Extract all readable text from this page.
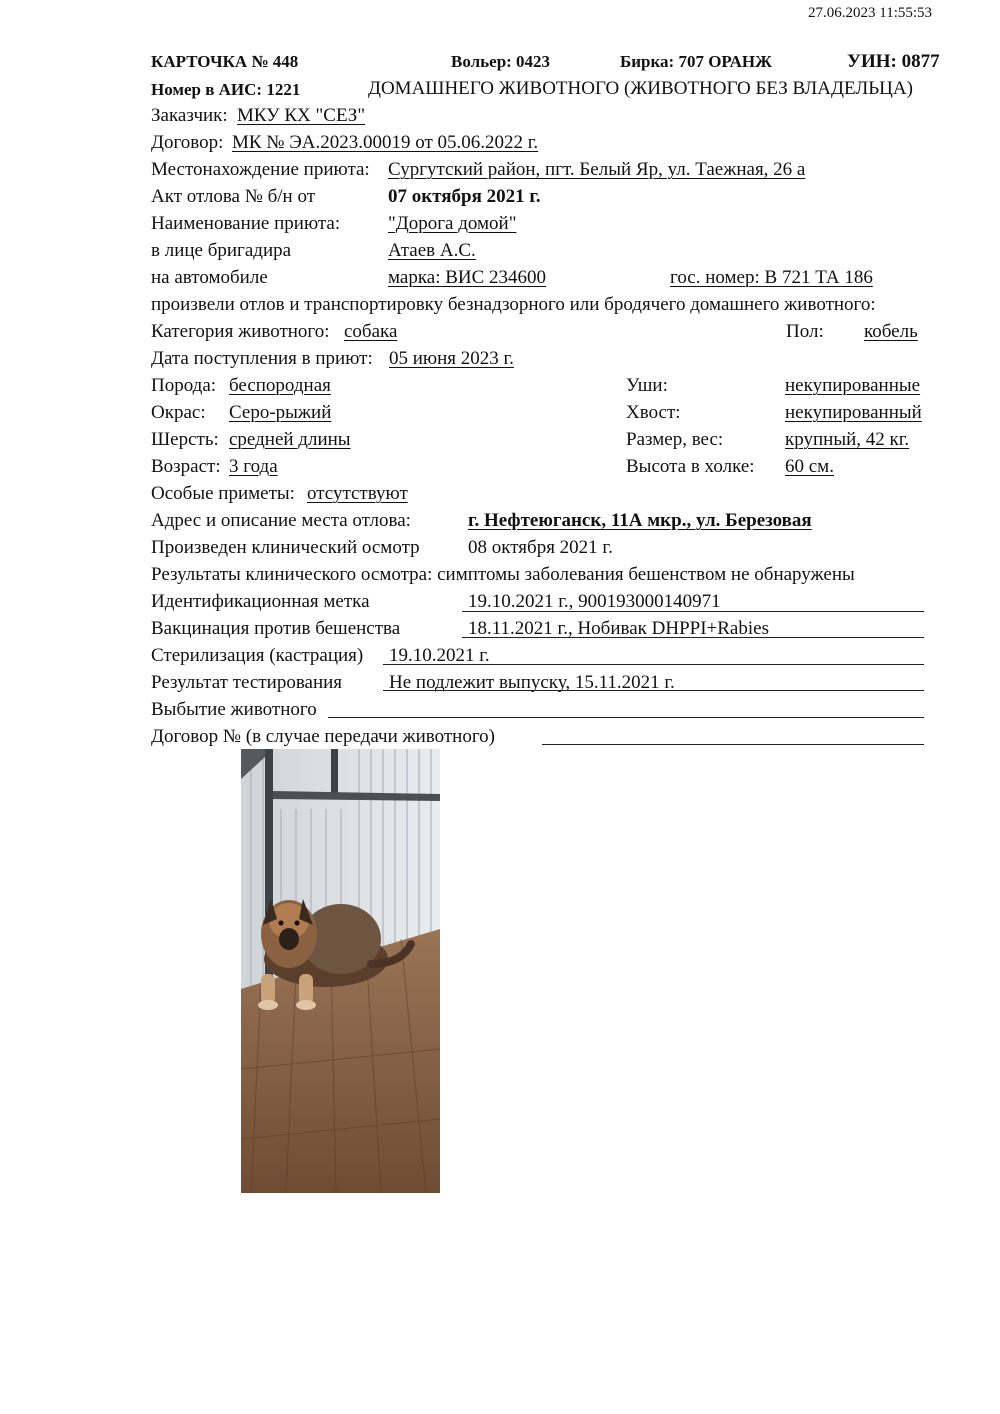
27.06.2023 11:55:53
КАРТОЧКА № 448	Вольер: 0423	Бирка: 707 ОРАНЖ	УИН: 0877
Номер в АИС: 1221	ДОМАШНЕГО ЖИВОТНОГО (ЖИВОТНОГО БЕЗ ВЛАДЕЛЬЦА)
Заказчик: МКУ КХ "СЕЗ"
Договор: МК № ЭА.2023.00019 от 05.06.2022 г.
Местонахождение приюта: Сургутский район, пгт. Белый Яр, ул. Таежная, 26 а
Акт отлова № б/н от	07 октября 2021 г.
Наименование приюта:	"Дорога домой"
в лице бригадира	Атаев А.С.
на автомобиле	марка: ВИС 234600	гос. номер: В 721 ТА 186
произвели отлов и транспортировку безнадзорного или бродячего домашнего животного:
Категория животного: собака	Пол: кобель
Дата поступления в приют: 05 июня 2023 г.
Порода: беспородная	Уши:	некупированные
Окрас: Серо-рыжий	Хвост:	некупированный
Шерсть: средней длины	Размер, вес:	крупный, 42 кг.
Возраст: 3 года	Высота в холке: 60 см.
Особые приметы: отсутствуют
Адрес и описание места отлова:	г. Нефтеюганск, 11А мкр., ул. Березовая
Произведен клинический осмотр	08 октября 2021 г.
Результаты клинического осмотра: симптомы заболевания бешенством не обнаружены
Идентификационная метка	19.10.2021 г., 900193000140971
Вакцинация против бешенства	18.11.2021 г., Нобивак DHPPI+Rabies
Стерилизация (кастрация) 19.10.2021 г.
Результат тестирования Не подлежит выпуску, 15.11.2021 г.
Выбытие животного
Договор № (в случае передачи животного)
